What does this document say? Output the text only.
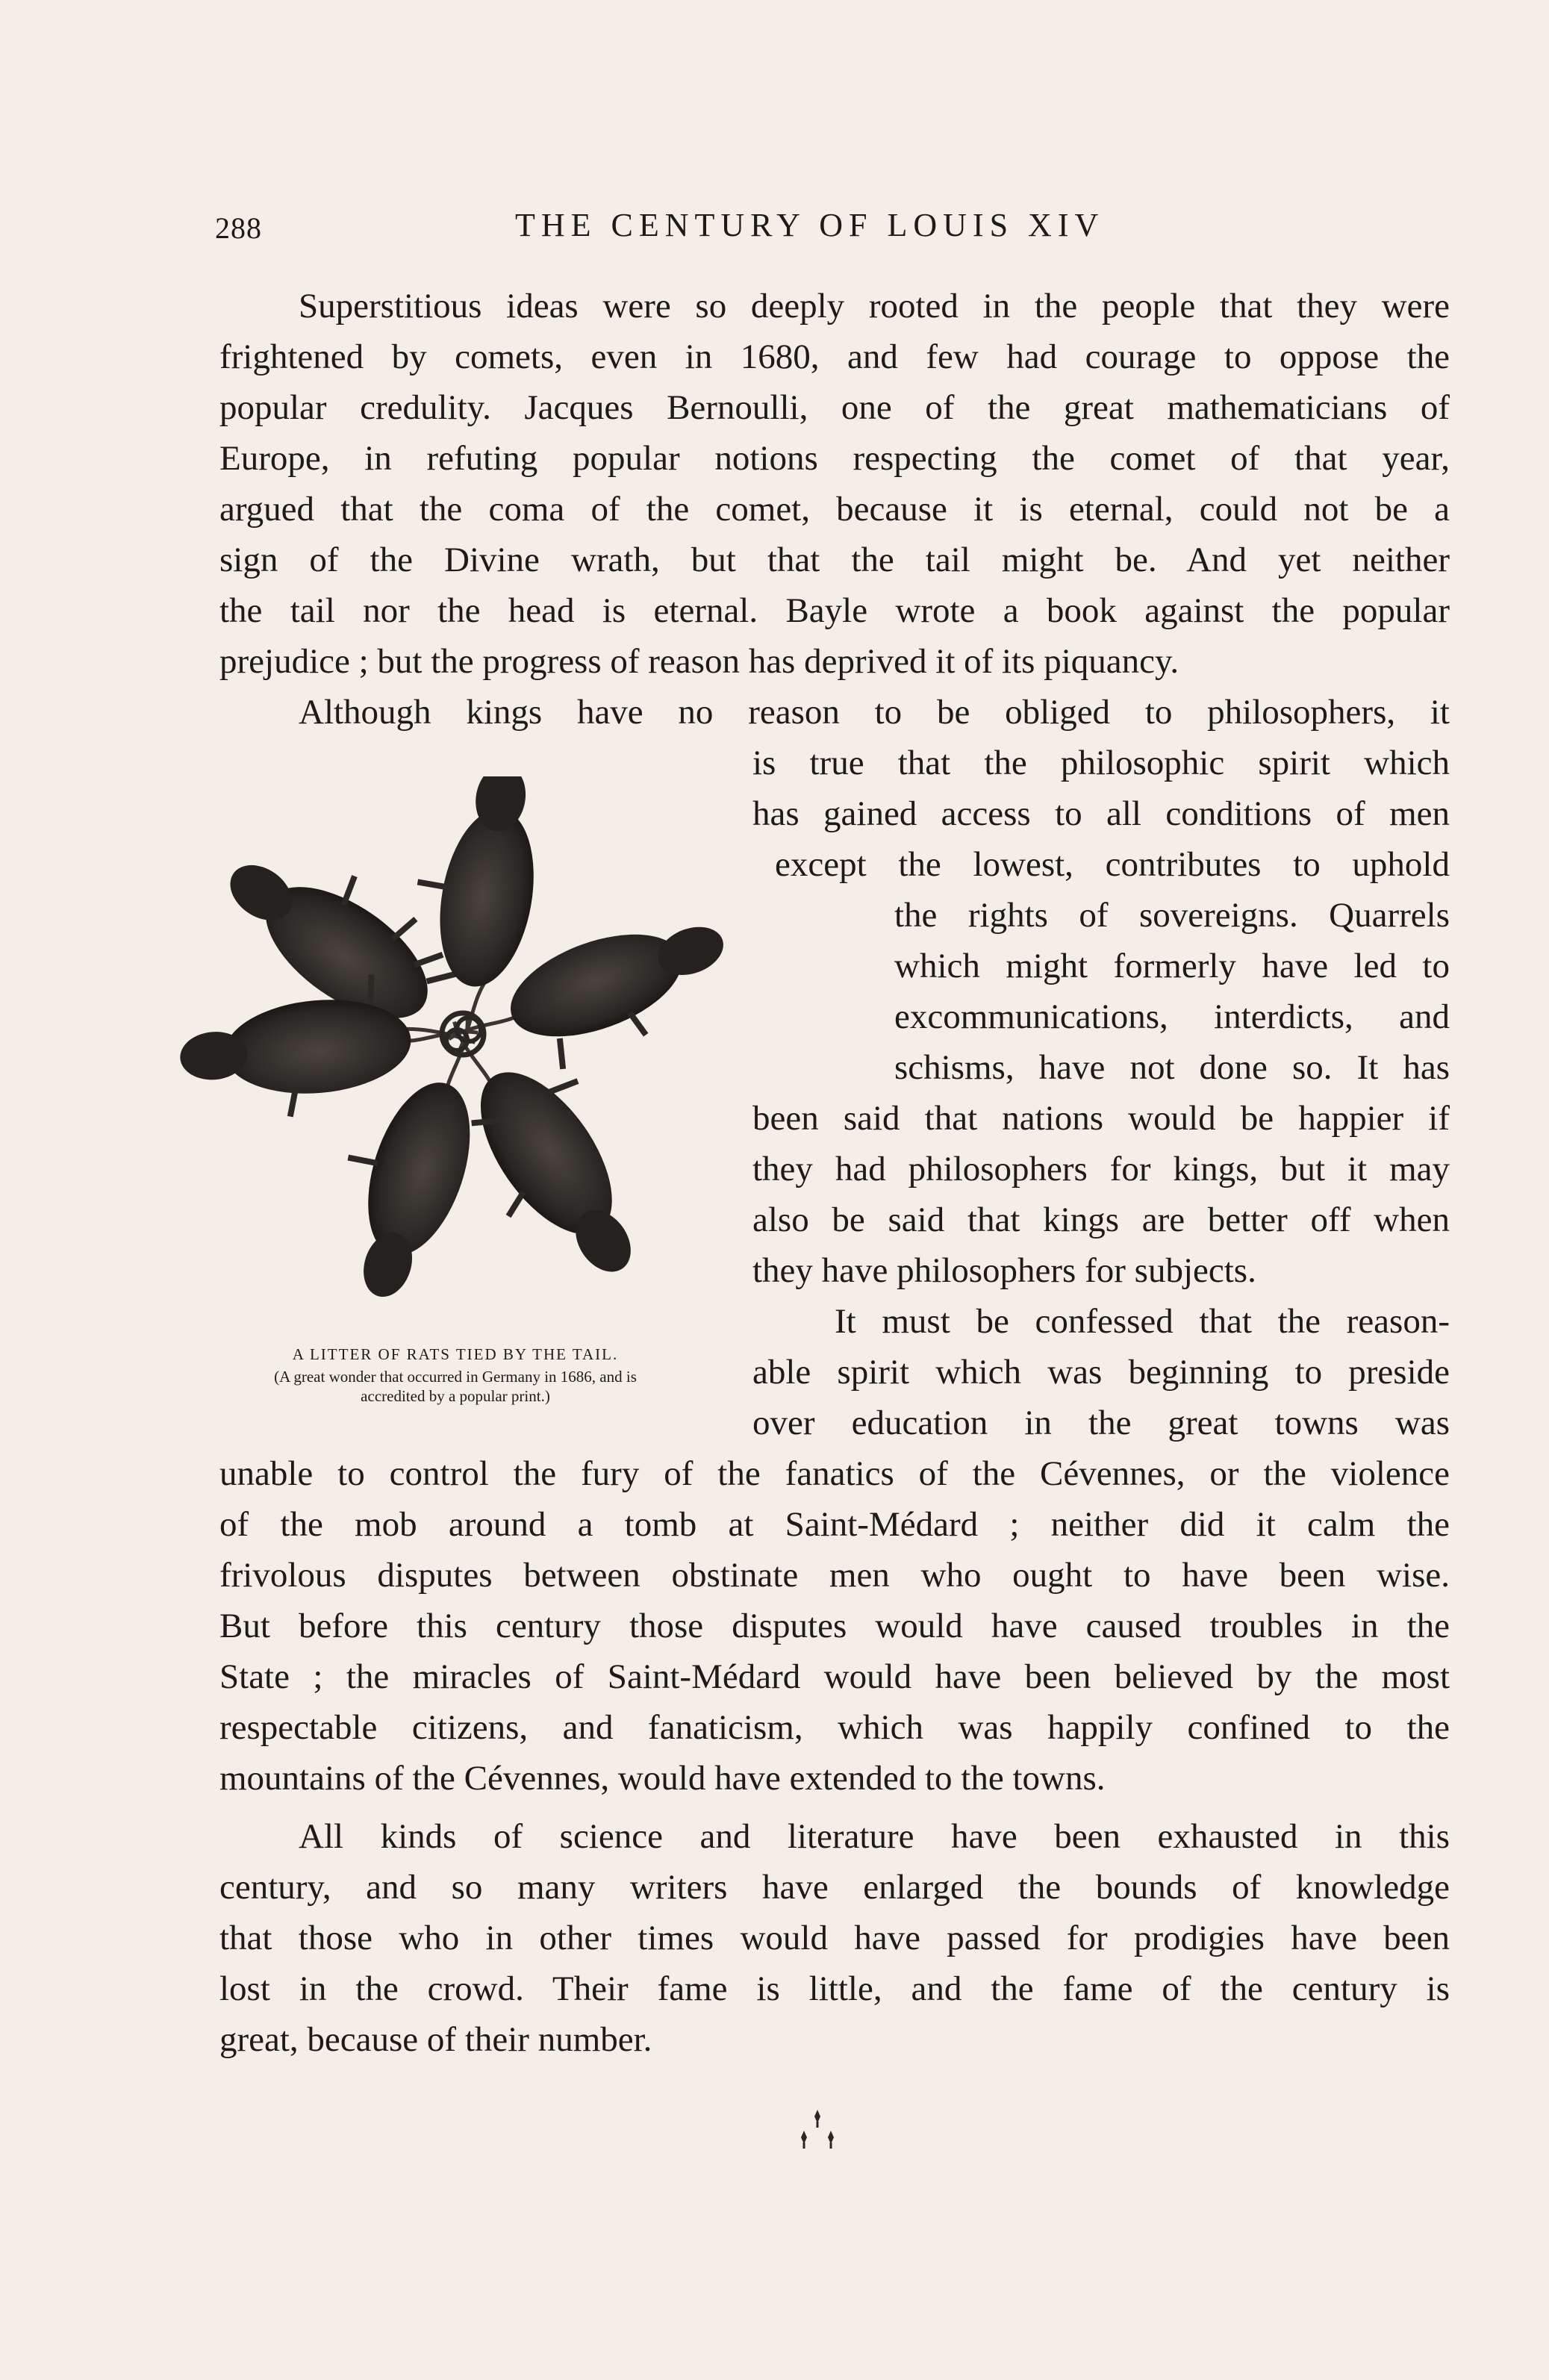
288	THE CENTURY OF LOUIS XIV

Superstitious ideas were so deeply rooted in the people that they were

frightened by comets, even in 1680, and few had courage to oppose the

popular credulity. Jacques Bernoulli, one of the great mathematicians of

Europe, in refuting popular notions respecting the comet of that year,

argued that the coma of the comet, because it is eternal, could not be a

sign of the Divine wrath, but that the tail might be. And yet neither

the tail nor the head is eternal. Bayle wrote a book against the popular

prejudice ; but the progress of reason has deprived it of its piquancy.

Although kings have no reason to be obliged to philosophers, it

is true that the philosophic spirit which

has gained access to all conditions of men

except the lowest, contributes to uphold

the rights of sovereigns. Quarrels

which might formerly have led to

excommunications, interdicts, and

schisms, have not done so. It has

been said that nations would be happier if

they had philosophers for kings, but it may

also be said that kings are better off when

they have philosophers for subjects.

It must be confessed that the reason-

able spirit which was beginning to preside

over education in the great towns was

unable to control the fury of the fanatics of the Cévennes, or the violence

of the mob around a tomb at Saint-Médard ; neither did it calm the

frivolous disputes between obstinate men who ought to have been wise.

But before this century those disputes would have caused troubles in the

State ; the miracles of Saint-Médard would have been believed by the most

respectable citizens, and fanaticism, which was happily confined to the

mountains of the Cévennes, would have extended to the towns.

All kinds of science and literature have been exhausted in this

century, and so many writers have enlarged the bounds of knowledge

that those who in other times would have passed for prodigies have been

lost in the crowd. Their fame is little, and the fame of the century is

great, because of their number.

A LITTER OF RATS TIED BY THE TAIL.
(A great wonder that occurred in Germany in 1686, and is
accredited by a popular print.)
